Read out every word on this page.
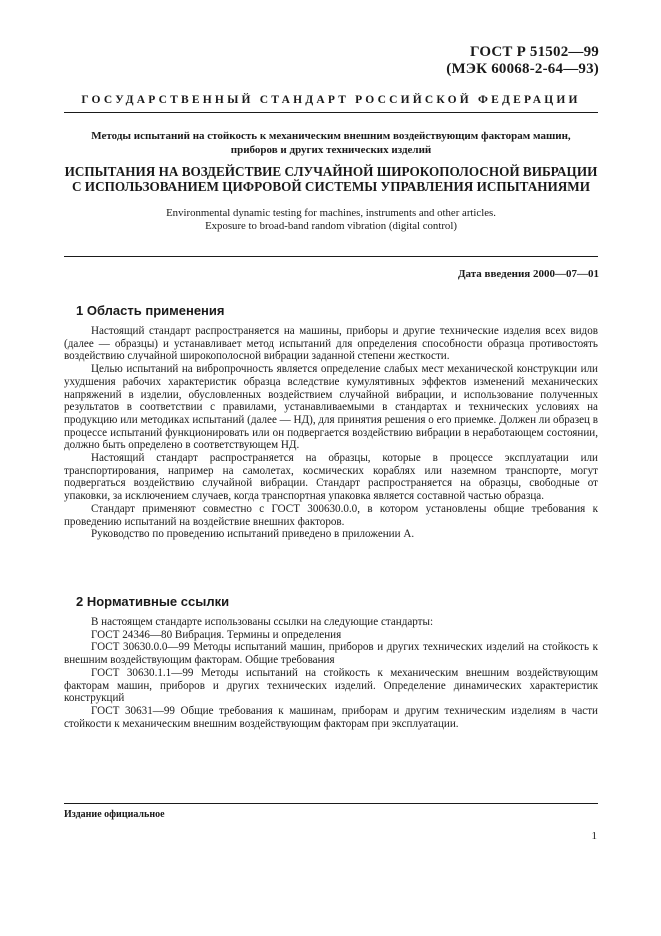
ГОСТ Р 51502—99
(МЭК 60068-2-64—93)
ГОСУДАРСТВЕННЫЙ СТАНДАРТ РОССИЙСКОЙ ФЕДЕРАЦИИ
Методы испытаний на стойкость к механическим внешним воздействующим факторам машин,
приборов и других технических изделий
ИСПЫТАНИЯ НА ВОЗДЕЙСТВИЕ СЛУЧАЙНОЙ ШИРОКОПОЛОСНОЙ ВИБРАЦИИ
С ИСПОЛЬЗОВАНИЕМ ЦИФРОВОЙ СИСТЕМЫ УПРАВЛЕНИЯ ИСПЫТАНИЯМИ
Environmental dynamic testing for machines, instruments and other articles.
Exposure to broad-band random vibration (digital control)
Дата введения 2000—07—01
1 Область применения

Настоящий стандарт распространяется на машины, приборы и другие технические изделия всех видов (далее — образцы) и устанавливает метод испытаний для определения способности образца противостоять воздействию случайной широкополосной вибрации заданной степени жесткости.

Целью испытаний на вибропрочность является определение слабых мест механической конструкции или ухудшения рабочих характеристик образца вследствие кумулятивных эффектов изменений механических напряжений в изделии, обусловленных воздействием случайной вибрации, и использование полученных результатов в соответствии с правилами, устанавливаемыми в стандартах и технических условиях на продукцию или методиках испытаний (далее — НД), для принятия решения о его приемке. Должен ли образец в процессе испытаний функционировать или он подвергается воздействию вибрации в неработающем состоянии, должно быть определено в соответствующем НД.

Настоящий стандарт распространяется на образцы, которые в процессе эксплуатации или транспортирования, например на самолетах, космических кораблях или наземном транспорте, могут подвергаться воздействию случайной вибрации. Стандарт распространяется на образцы, свободные от упаковки, за исключением случаев, когда транспортная упаковка является составной частью образца.

Стандарт применяют совместно с ГОСТ 300630.0.0, в котором установлены общие требования к проведению испытаний на воздействие внешних факторов.

Руководство по проведению испытаний приведено в приложении А.

2 Нормативные ссылки

В настоящем стандарте использованы ссылки на следующие стандарты:

ГОСТ 24346—80 Вибрация. Термины и определения

ГОСТ 30630.0.0—99 Методы испытаний машин, приборов и других технических изделий на стойкость к внешним воздействующим факторам. Общие требования

ГОСТ 30630.1.1—99 Методы испытаний на стойкость к механическим внешним воздействующим факторам машин, приборов и других технических изделий. Определение динамических характеристик конструкций

ГОСТ 30631—99 Общие требования к машинам, приборам и другим техническим изделиям в части стойкости к механическим внешним воздействующим факторам при эксплуатации.

Издание официальное
1
